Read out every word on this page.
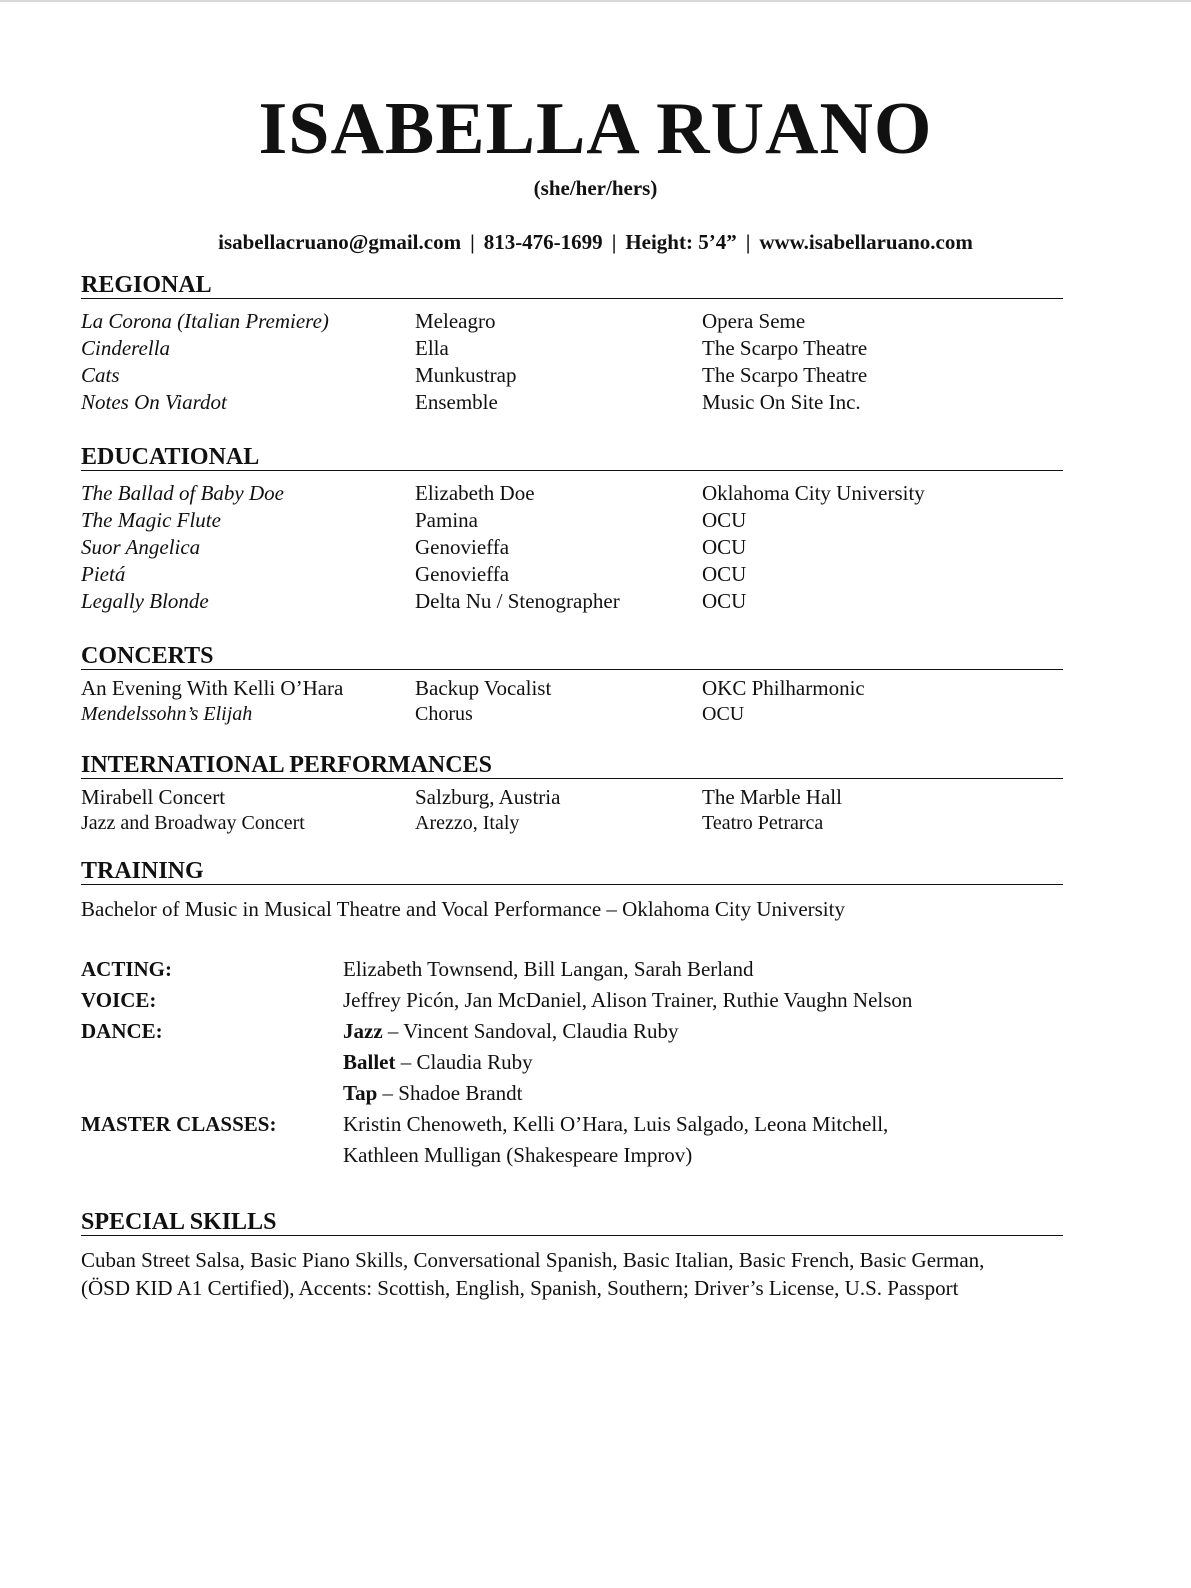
ISABELLA RUANO
(she/her/hers)
isabellacruano@gmail.com | 813-476-1699 | Height: 5’4” | www.isabellaruano.com
REGIONAL
La Corona (Italian Premiere)	Meleagro	Opera Seme
Cinderella	Ella	The Scarpo Theatre
Cats	Munkustrap	The Scarpo Theatre
Notes On Viardot	Ensemble	Music On Site Inc.
EDUCATIONAL
The Ballad of Baby Doe	Elizabeth Doe	Oklahoma City University
The Magic Flute	Pamina	OCU
Suor Angelica	Genovieffa	OCU
Pietá	Genovieffa	OCU
Legally Blonde	Delta Nu / Stenographer	OCU
CONCERTS
An Evening With Kelli O’Hara	Backup Vocalist	OKC Philharmonic
Mendelssohn’s Elijah	Chorus	OCU
INTERNATIONAL PERFORMANCES
Mirabell Concert	Salzburg, Austria	The Marble Hall
Jazz and Broadway Concert	Arezzo, Italy	Teatro Petrarca
TRAINING
Bachelor of Music in Musical Theatre and Vocal Performance – Oklahoma City University
ACTING:	Elizabeth Townsend, Bill Langan, Sarah Berland
VOICE:	Jeffrey Picón, Jan McDaniel, Alison Trainer, Ruthie Vaughn Nelson
DANCE:	Jazz – Vincent Sandoval, Claudia Ruby
Ballet – Claudia Ruby
Tap – Shadoe Brandt
MASTER CLASSES:	Kristin Chenoweth, Kelli O’Hara, Luis Salgado, Leona Mitchell,
Kathleen Mulligan (Shakespeare Improv)
SPECIAL SKILLS
Cuban Street Salsa, Basic Piano Skills, Conversational Spanish, Basic Italian, Basic French, Basic German,
(ÖSD KID A1 Certified), Accents: Scottish, English, Spanish, Southern; Driver’s License, U.S. Passport
